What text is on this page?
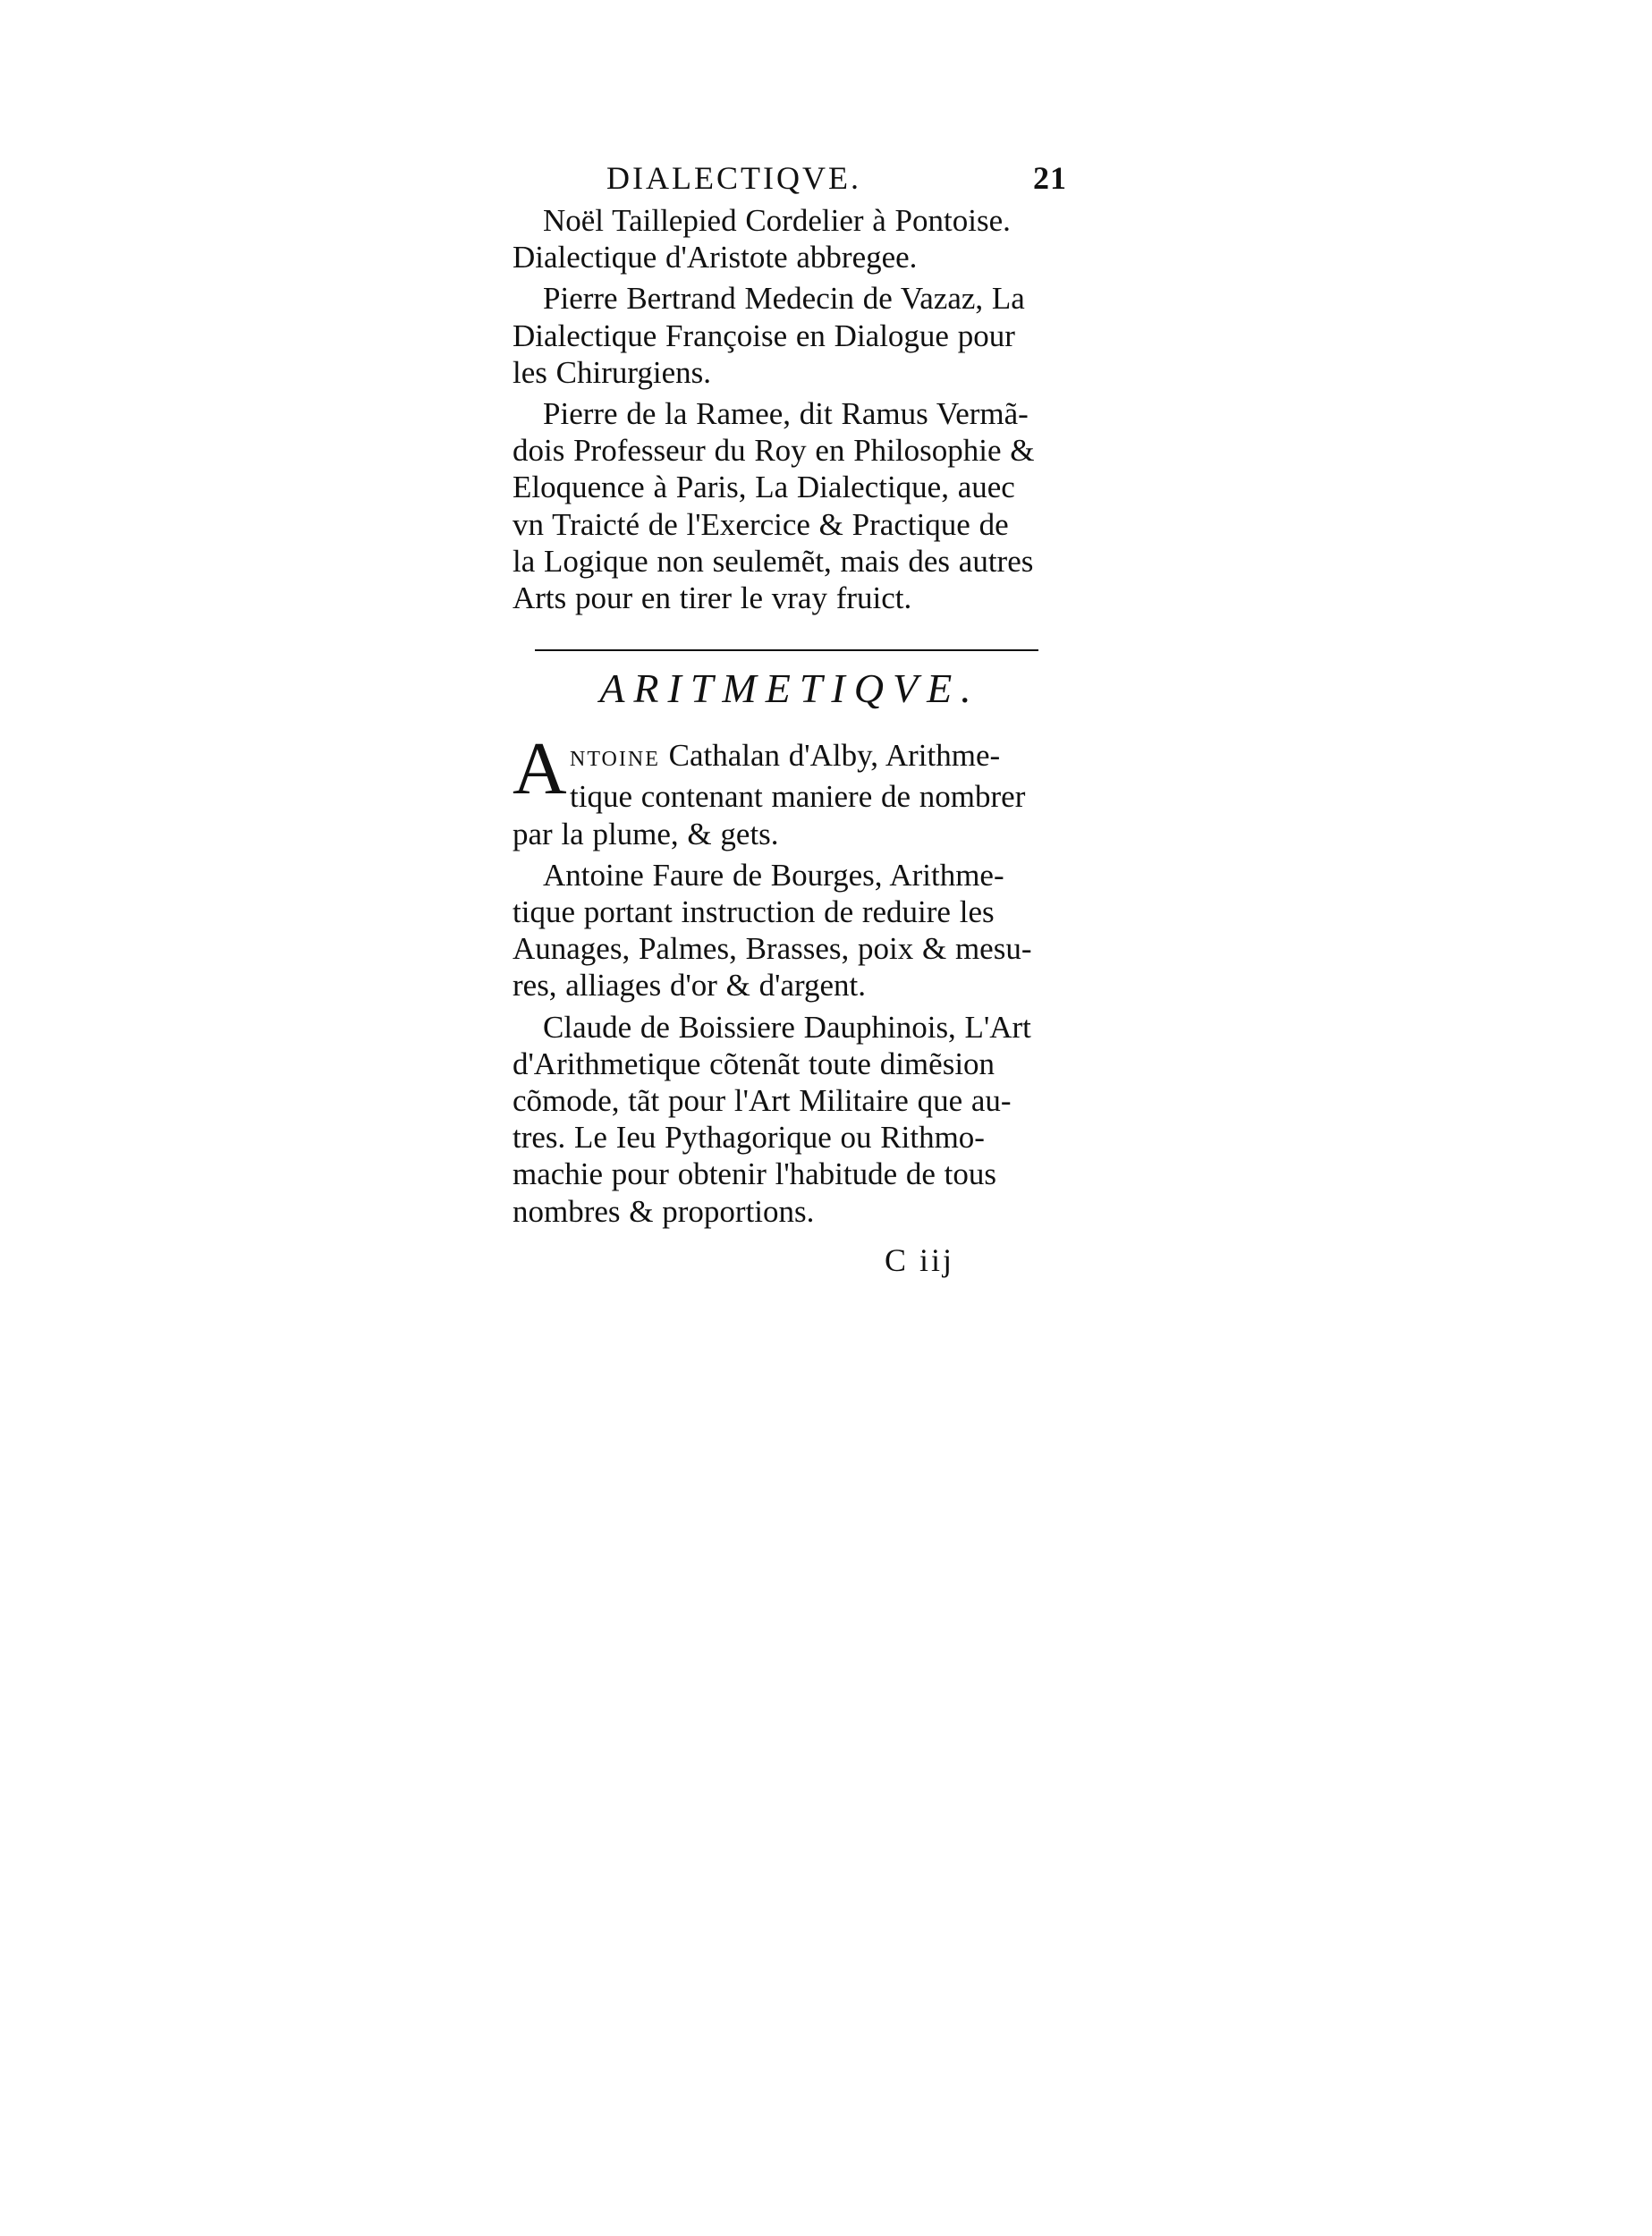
DIALECTIQVE.	21
Noël Taillepied Cordelier à Pontoise.
Dialectique d'Aristote abbregee.
Pierre Bertrand Medecin de Vazaz, La
Dialectique Françoise en Dialogue pour
les Chirurgiens.
Pierre de la Ramee, dit Ramus Vermã-
dois Professeur du Roy en Philosophie &
Eloquence à Paris, La Dialectique, auec
vn Traicté de l'Exercice & Practique de
la Logique non seulemẽt, mais des autres
Arts pour en tirer le vray fruict.
ARITMETIQVE.
A NTOINE Cathalan d'Alby, Arithme-
tique contenant maniere de nombrer
par la plume, & gets.
Antoine Faure de Bourges, Arithme-
tique portant instruction de reduire les
Aunages, Palmes, Brasses, poix & mesu-
res, alliages d'or & d'argent.
Claude de Boissiere Dauphinois, L'Art
d'Arithmetique cõtenãt toute dimẽsion
cõmode, tãt pour l'Art Militaire que au-
tres. Le Ieu Pythagorique ou Rithmo-
machie pour obtenir l'habitude de tous
nombres & proportions.
C iij
